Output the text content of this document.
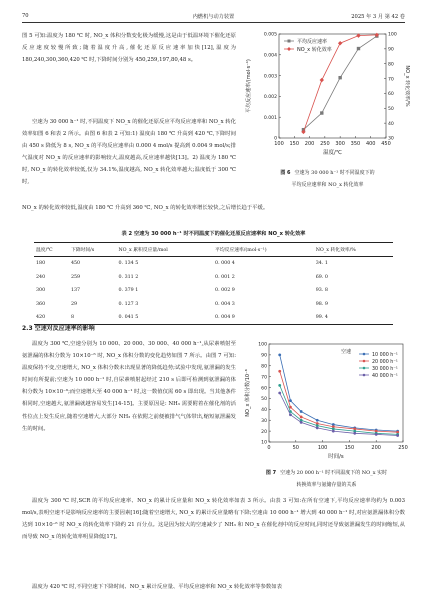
70	内燃机与动力装置	2025 年 3 月 第 42 卷
图 5 可知:温度为 180 ℃ 时, NO_x 体积分数变化极为缓慢,这是由于低温环境下催化还原反应速度较慢所致;随着温度升高,催化还原反应速率加快[12],温度为 180,240,300,360,420 ℃ 时,下降时间分别为 450,259,197,80,48 s。
空速为 30 000 h⁻¹ 时,不同温度下 NO_x 的催化还原反应平均反应速率和 NO_x 转化效率如图 6 和表 2 所示。由图 6 和表 2 可知:1) 温度由 180 ℃ 升高到 420 ℃,下降时间由 450 s 降低为 8 s, NO_x 的平均反应速率由 0.000 4 mol/s 提高到 0.004 9 mol/s;排气温度对 NO_x 的反应速率的影响较大,温度越高,反应速率越快[13]。2) 温度为 180 ℃ 时, NO_x 的转化效率较低,仅为 34.1%,温度越高, NO_x 转化效率越大;温度低于 300 ℃ 时,
NO_x 的转化效率较低,温度由 180 ℃ 升高到 360 ℃, NO_x 的转化效率增长较快,之后增长趋于平缓。
100 150 200 250 300 350 400 450
0
0.001
0.002
0.003
0.004
0.005
30
40
50
60
70
80
90
100
温度/℃
平均反应速率/(mol·s⁻¹)	NO_x 转化效率/%
平均反应速率
NO_x 转化效率
图 6 空速为 30 000 h⁻¹ 时不同温度下的
平均反应速率和 NO_x 转化效率
表 2 空速为 30 000 h⁻¹ 时不同温度下的催化还原反应速率和 NO_x 转化效率
温度/℃	下降时间/s	NO_x 累积反应量/mol	平均反应速率/(mol·s⁻¹)	NO_x 转化效率/%
180	450	0. 134 5	0. 000 4	34. 1
240	259	0. 311 2	0. 001 2	69. 0
300	137	0. 379 1	0. 002 9	93. 8
360	29	0. 127 3	0. 004 3	98. 9
420	8	0. 041 5	0. 004 9	99. 4
2.3 空速对反应速率的影响
温度为 300 ℃,空速分别为 10 000、20 000、30 000、40 000 h⁻¹,从尿素喷射至氨泄漏的体积分数为 10×10⁻⁶ 时, NO_x 体积分数的变化趋势如图 7 所示。由图 7 可知:温度保持不变,空速增大, NO_x 体积分数未出现显著的降低趋势;试验中发现,氨泄漏的发生时间有所提前;空速为 10 000 h⁻¹ 时,自尿素喷射起经过 210 s 后即可检测到氨泄漏的体积分数为 10×10⁻⁶;而空速增大至 40 000 h⁻¹ 时,这一数值仅需 60 s 即出现。当其他条件相同时,空速越大,氨泄漏就越容易发生[14-15]。主要原因是: NH₃ 需要附着在催化剂的活性位点上发生反应,随着空速增大,大部分 NH₃ 在依附之前便被排气气体带出,缩短氨泄漏发生的时间。
0	50	100	150	200	250
10
20
30
40
50
60
70
80
90
100
时间/s
NO_x 体积分数/10⁻⁶
空速
10 000 h⁻¹
20 000 h⁻¹
30 000 h⁻¹
40 000 h⁻¹
图 7 空速为 20 000 h⁻¹ 时不同温度下的 NO_x 实时
转换效率与氨储存量的关系
温度为 300 ℃ 时,SCR 的平均反应速率、NO_x 的累计反应量和 NO_x 转化效率如表 3 所示。由表 3 可知:在所有空速下,平均反应速率均约为 0.003 mol/s,表明空速不是影响反应速率的主要因素[16];随着空速增大, NO_x 的累计反应量略有下降;空速由 10 000 h⁻¹ 增大到 40 000 h⁻¹ 时,对应氨泄漏体积分数达到 10×10⁻⁶ 时 NO_x 的转化效率下降约 21 百分点。这是因为较大的空速减少了 NH₃ 和 NO_x 在催化剂中的反应时间,同时还导致氨泄漏发生的时间缩短,从而导致 NO_x 的转化效率明显降低[17]。
温度为 420 ℃ 时,不同空速下下降时间、NO_x 累计反应量、平均反应速率和 NO_x 转化效率等参数如表
